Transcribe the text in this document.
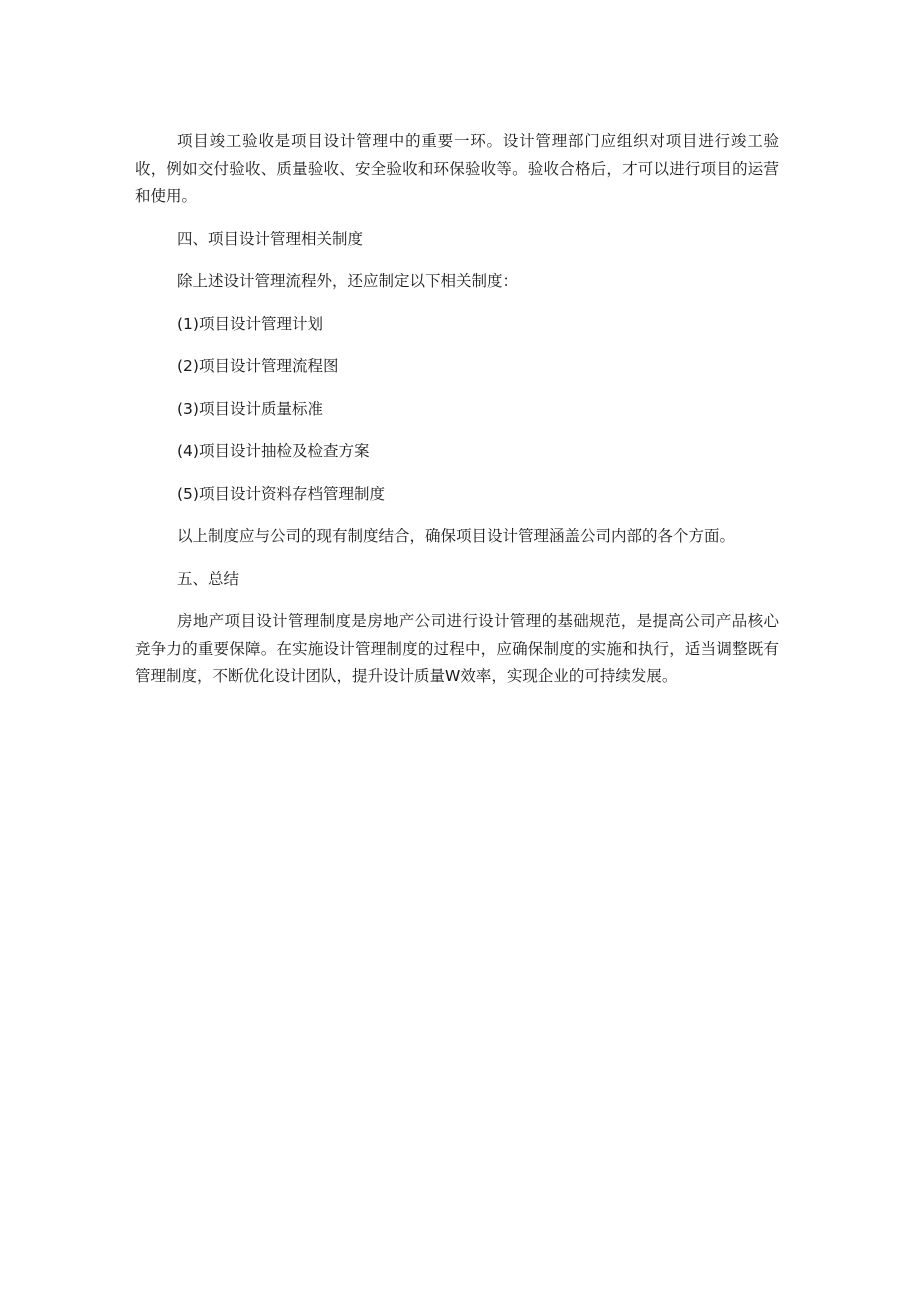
项目竣工验收是项目设计管理中的重要一环。设计管理部门应组织对项目进行竣工验收，例如交付验收、质量验收、安全验收和环保验收等。验收合格后，才可以进行项目的运营和使用。

四、项目设计管理相关制度

除上述设计管理流程外，还应制定以下相关制度：

(1)项目设计管理计划

(2)项目设计管理流程图

(3)项目设计质量标准

(4)项目设计抽检及检查方案

(5)项目设计资料存档管理制度

以上制度应与公司的现有制度结合，确保项目设计管理涵盖公司内部的各个方面。

五、总结

房地产项目设计管理制度是房地产公司进行设计管理的基础规范，是提高公司产品核心竞争力的重要保障。在实施设计管理制度的过程中，应确保制度的实施和执行，适当调整既有管理制度，不断优化设计团队，提升设计质量W效率，实现企业的可持续发展。
